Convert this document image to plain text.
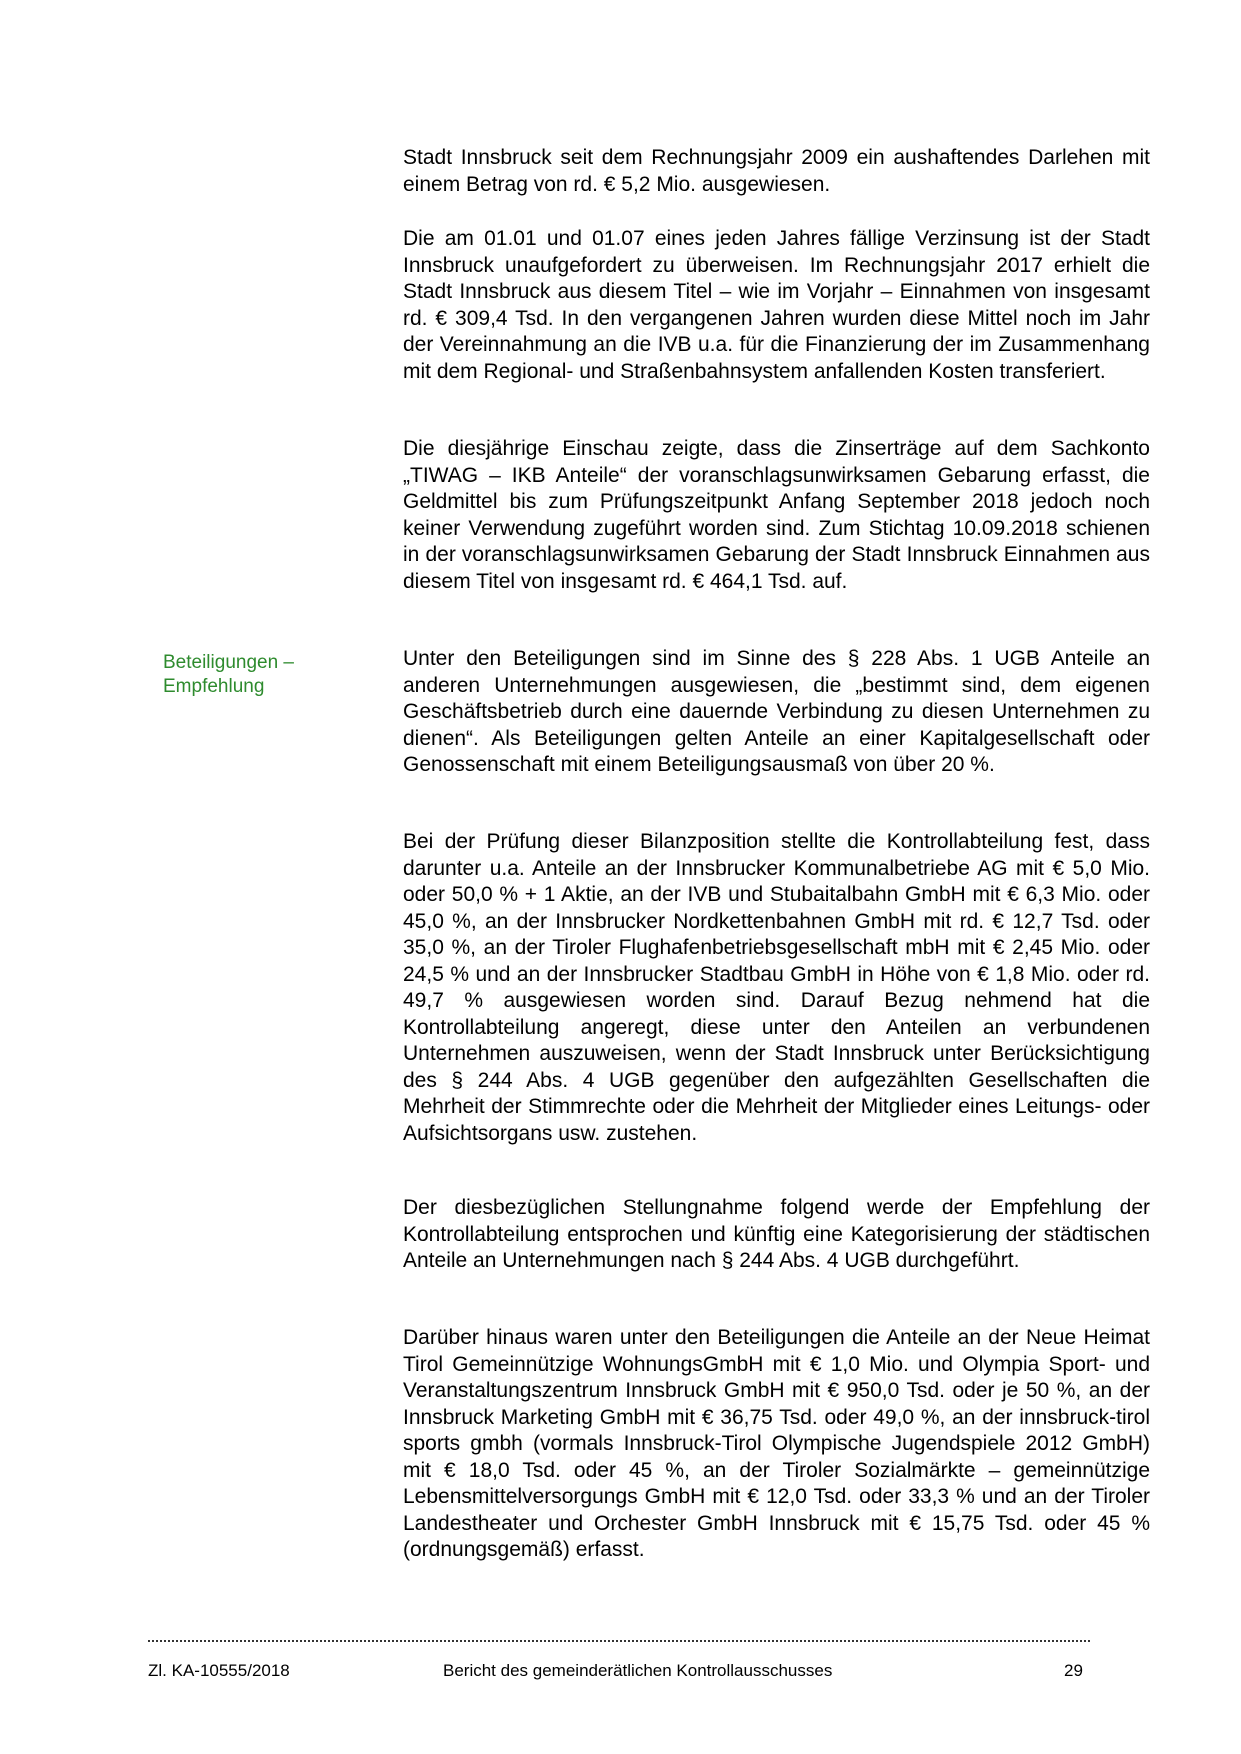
Beteiligungen –
Empfehlung

Stadt Innsbruck seit dem Rechnungsjahr 2009 ein aushaftendes Darlehen mit einem Betrag von rd. € 5,2 Mio. ausgewiesen.

Die am 01.01 und 01.07 eines jeden Jahres fällige Verzinsung ist der Stadt Innsbruck unaufgefordert zu überweisen. Im Rechnungsjahr 2017 erhielt die Stadt Innsbruck aus diesem Titel – wie im Vorjahr – Einnahmen von insgesamt rd. € 309,4 Tsd. In den vergangenen Jahren wurden diese Mittel noch im Jahr der Vereinnahmung an die IVB u.a. für die Finanzierung der im Zusammenhang mit dem Regional- und Straßenbahnsystem anfallenden Kosten transferiert.

Die diesjährige Einschau zeigte, dass die Zinserträge auf dem Sachkonto „TIWAG – IKB Anteile“ der voranschlagsunwirksamen Gebarung erfasst, die Geldmittel bis zum Prüfungszeitpunkt Anfang September 2018 jedoch noch keiner Verwendung zugeführt worden sind. Zum Stichtag 10.09.2018 schienen in der voranschlagsunwirksamen Gebarung der Stadt Innsbruck Einnahmen aus diesem Titel von insgesamt rd. € 464,1 Tsd. auf.

Unter den Beteiligungen sind im Sinne des § 228 Abs. 1 UGB Anteile an anderen Unternehmungen ausgewiesen, die „bestimmt sind, dem eigenen Geschäftsbetrieb durch eine dauernde Verbindung zu diesen Unternehmen zu dienen“. Als Beteiligungen gelten Anteile an einer Kapitalgesellschaft oder Genossenschaft mit einem Beteiligungsausmaß von über 20 %.

Bei der Prüfung dieser Bilanzposition stellte die Kontrollabteilung fest, dass darunter u.a. Anteile an der Innsbrucker Kommunalbetriebe AG mit € 5,0 Mio. oder 50,0 % + 1 Aktie, an der IVB und Stubaitalbahn GmbH mit € 6,3 Mio. oder 45,0 %, an der Innsbrucker Nordkettenbahnen GmbH mit rd. € 12,7 Tsd. oder 35,0 %, an der Tiroler Flughafenbetriebsgesellschaft mbH mit € 2,45 Mio. oder 24,5 % und an der Innsbrucker Stadtbau GmbH in Höhe von € 1,8 Mio. oder rd. 49,7 % ausgewiesen worden sind. Darauf Bezug nehmend hat die Kontrollabteilung angeregt, diese unter den Anteilen an verbundenen Unternehmen auszuweisen, wenn der Stadt Innsbruck unter Berücksichtigung des § 244 Abs. 4 UGB gegenüber den aufgezählten Gesellschaften die Mehrheit der Stimmrechte oder die Mehrheit der Mitglieder eines Leitungs- oder Aufsichtsorgans usw. zustehen.

Der diesbezüglichen Stellungnahme folgend werde der Empfehlung der Kontrollabteilung entsprochen und künftig eine Kategorisierung der städtischen Anteile an Unternehmungen nach § 244 Abs. 4 UGB durchgeführt.

Darüber hinaus waren unter den Beteiligungen die Anteile an der Neue Heimat Tirol Gemeinnützige WohnungsGmbH mit € 1,0 Mio. und Olympia Sport- und Veranstaltungszentrum Innsbruck GmbH mit € 950,0 Tsd. oder je 50 %, an der Innsbruck Marketing GmbH mit € 36,75 Tsd. oder 49,0 %, an der innsbruck-tirol sports gmbh (vormals Innsbruck-Tirol Olympische Jugendspiele 2012 GmbH) mit € 18,0 Tsd. oder 45 %, an der Tiroler Sozialmärkte – gemeinnützige Lebensmittelversorgungs GmbH mit € 12,0 Tsd. oder 33,3 % und an der Tiroler Landestheater und Orchester GmbH Innsbruck mit € 15,75 Tsd. oder 45 % (ordnungsgemäß) erfasst.

Zl. KA-10555/2018	Bericht des gemeinderätlichen Kontrollausschusses	29
